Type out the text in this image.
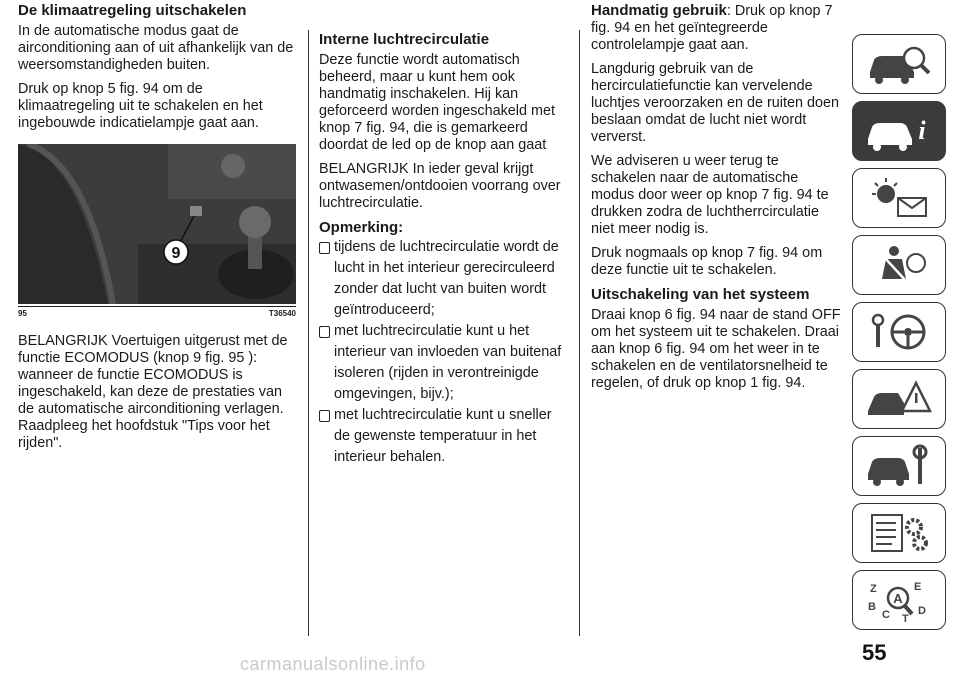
De klimaatregeling uitschakelen

In de automatische modus gaat de airconditioning aan of uit afhankelijk van de weersomstandigheden buiten.

Druk op knop 5 fig. 94 om de klimaatregeling uit te schakelen en het ingebouwde indicatielampje gaat aan.

9
95	T36540

BELANGRIJK Voertuigen uitgerust met de functie ECOMODUS (knop 9 fig. 95 ): wanneer de functie ECOMODUS is ingeschakeld, kan deze de prestaties van de automatische airconditioning verlagen. Raadpleeg het hoofdstuk "Tips voor het rijden".

Interne luchtrecirculatie

Deze functie wordt automatisch beheerd, maar u kunt hem ook handmatig inschakelen. Hij kan geforceerd worden ingeschakeld met knop 7 fig. 94, die is gemarkeerd doordat de led op de knop aan gaat

BELANGRIJK In ieder geval krijgt ontwasemen/ontdooien voorrang over luchtrecirculatie.

Opmerking:
tijdens de luchtrecirculatie wordt de lucht in het interieur gerecirculeerd zonder dat lucht van buiten wordt geïntroduceerd;
met luchtrecirculatie kunt u het interieur van invloeden van buitenaf isoleren (rijden in verontreinigde omgevingen, bijv.);
met luchtrecirculatie kunt u sneller de gewenste temperatuur in het interieur behalen.

Handmatig gebruik: Druk op knop 7 fig. 94 en het geïntegreerde controlelampje gaat aan.

Langdurig gebruik van de hercirculatiefunctie kan vervelende luchtjes veroorzaken en de ruiten doen beslaan omdat de lucht niet wordt ververst.

We adviseren u weer terug te schakelen naar de automatische modus door weer op knop 7 fig. 94 te drukken zodra de luchtherrcirculatie niet meer nodig is.

Druk nogmaals op knop 7 fig. 94 om deze functie uit te schakelen.

Uitschakeling van het systeem

Draai knop 6 fig. 94 naar de stand OFF om het systeem uit te schakelen. Draai aan knop 6 fig. 94 om het weer in te schakelen en de ventilatorsnelheid te regelen, of druk op knop 1 fig. 94.

i
Z	E
B	D
C T
A
55
carmanualsonline.info
